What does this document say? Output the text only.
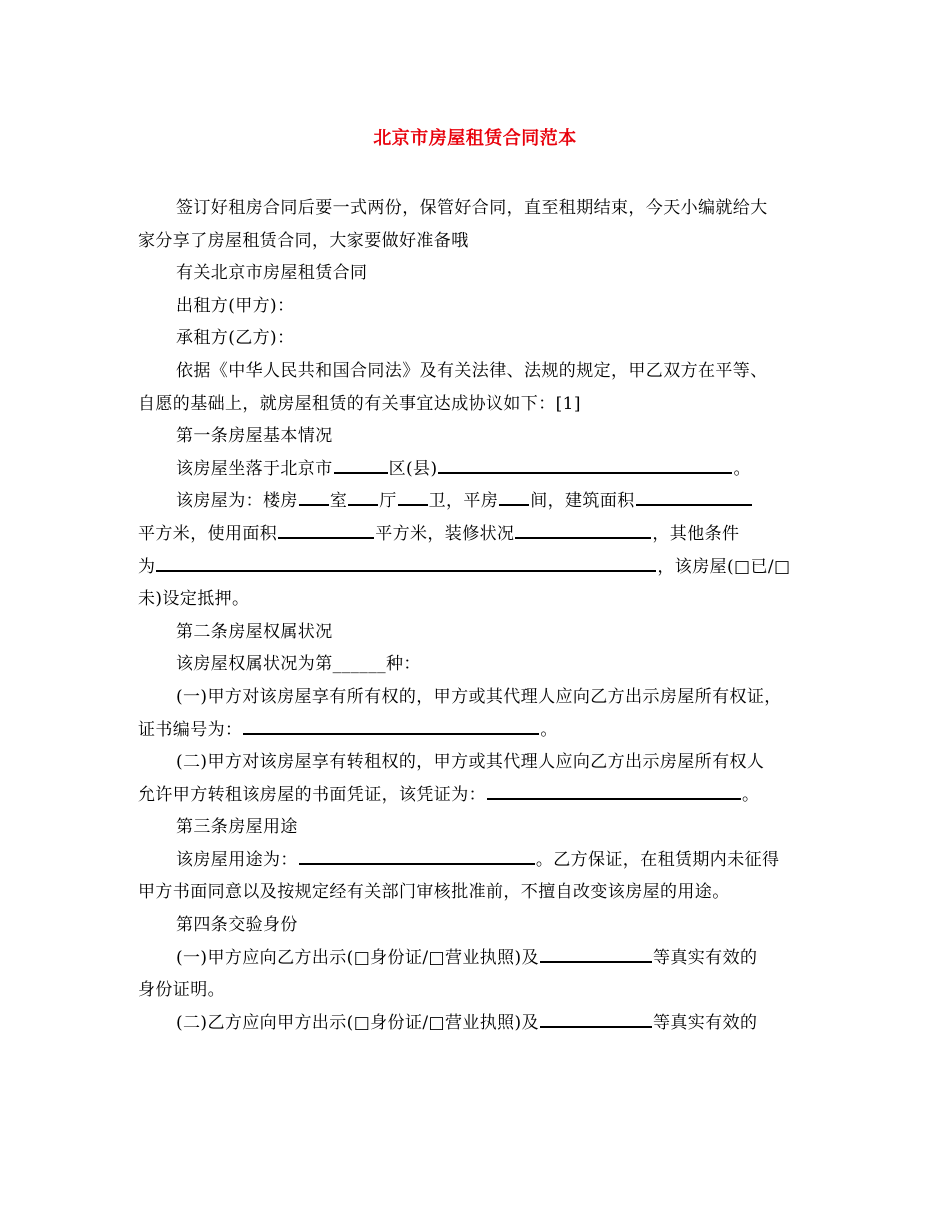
北京市房屋租赁合同范本

签订好租房合同后要一式两份，保管好合同，直至租期结束，今天小编就给大

家分享了房屋租赁合同，大家要做好准备哦

有关北京市房屋租赁合同

出租方(甲方)：

承租方(乙方)：

依据《中华人民共和国合同法》及有关法律、法规的规定，甲乙双方在平等、

自愿的基础上，就房屋租赁的有关事宜达成协议如下：[1]

第一条房屋基本情况

该房屋坐落于北京市	区(县)	。

该房屋为：楼房 室 厅 卫，平房 间，建筑面积

平方米，使用面积	平方米，装修状况	，其他条件

为	，该房屋(□已/□

未)设定抵押。

第二条房屋权属状况

该房屋权属状况为第______种：

(一)甲方对该房屋享有所有权的，甲方或其代理人应向乙方出示房屋所有权证，

证书编号为：	。

(二)甲方对该房屋享有转租权的，甲方或其代理人应向乙方出示房屋所有权人

允许甲方转租该房屋的书面凭证，该凭证为：	。

第三条房屋用途

该房屋用途为：	。乙方保证，在租赁期内未征得

甲方书面同意以及按规定经有关部门审核批准前，不擅自改变该房屋的用途。

第四条交验身份

(一)甲方应向乙方出示(□身份证/□营业执照)及	等真实有效的

身份证明。

(二)乙方应向甲方出示(□身份证/□营业执照)及	等真实有效的
